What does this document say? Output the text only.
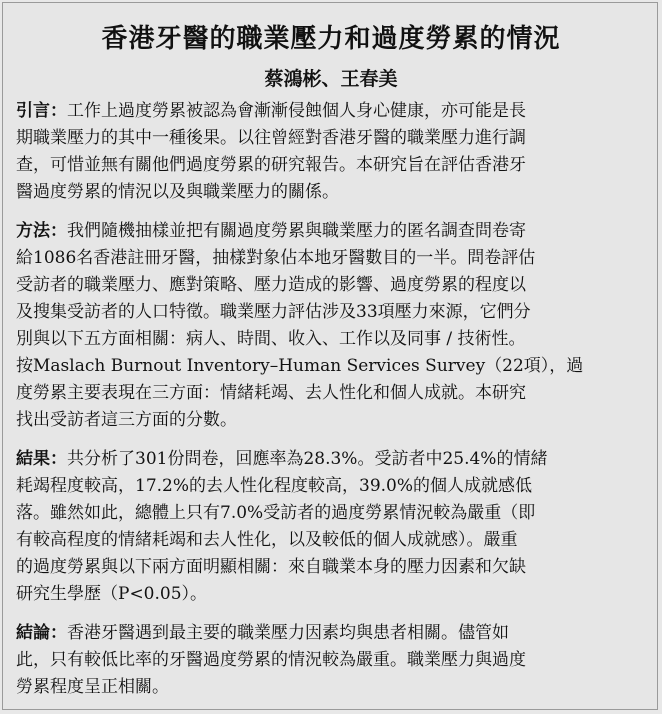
香港牙醫的職業壓力和過度勞累的情況
蔡鴻彬、王春美
引言：工作上過度勞累被認為會漸漸侵蝕個人身心健康，亦可能是長
期職業壓力的其中一種後果。以往曾經對香港牙醫的職業壓力進行調
查，可惜並無有關他們過度勞累的研究報告。本研究旨在評估香港牙
醫過度勞累的情況以及與職業壓力的關係。
方法：我們隨機抽樣並把有關過度勞累與職業壓力的匿名調查問卷寄
給1086名香港註冊牙醫，抽樣對象佔本地牙醫數目的一半。問卷評估
受訪者的職業壓力、應對策略、壓力造成的影響、過度勞累的程度以
及搜集受訪者的人口特徵。職業壓力評估涉及33項壓力來源，它們分
別與以下五方面相關：病人、時間、收入、工作以及同事 / 技術性。
按Maslach Burnout Inventory–Human Services Survey（22項），過
度勞累主要表現在三方面：情緒耗竭、去人性化和個人成就。本研究
找出受訪者這三方面的分數。
結果：共分析了301份問卷，回應率為28.3%。受訪者中25.4%的情緒
耗竭程度較高，17.2%的去人性化程度較高，39.0%的個人成就感低
落。雖然如此，總體上只有7.0%受訪者的過度勞累情況較為嚴重（即
有較高程度的情緒耗竭和去人性化，以及較低的個人成就感）。嚴重
的過度勞累與以下兩方面明顯相關：來自職業本身的壓力因素和欠缺
研究生學歷（P<0.05）。
結論：香港牙醫遇到最主要的職業壓力因素均與患者相關。儘管如
此，只有較低比率的牙醫過度勞累的情況較為嚴重。職業壓力與過度
勞累程度呈正相關。
